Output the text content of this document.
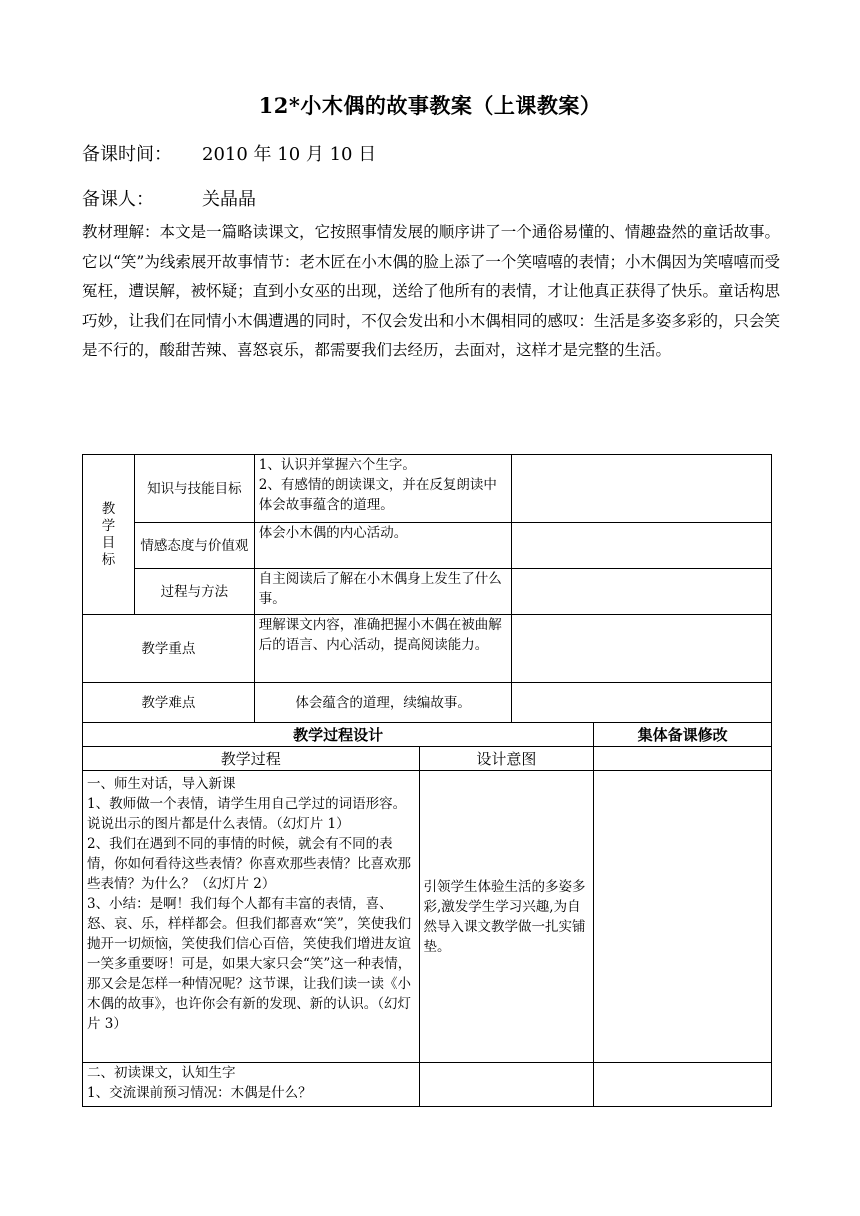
12*小木偶的故事教案（上课教案）
备课时间： 2010 年 10 月 10 日
备课人：	关晶晶
教材理解：本文是一篇略读课文，它按照事情发展的顺序讲了一个通俗易懂的、情趣盎然的童话故事。它以“笑”为线索展开故事情节：老木匠在小木偶的脸上添了一个笑嘻嘻的表情；小木偶因为笑嘻嘻而受冤枉，遭误解，被怀疑；直到小女巫的出现，送给了他所有的表情，才让他真正获得了快乐。童话构思巧妙，让我们在同情小木偶遭遇的同时，不仅会发出和小木偶相同的感叹：生活是多姿多彩的，只会笑是不行的，酸甜苦辣、喜怒哀乐，都需要我们去经历，去面对，这样才是完整的生活。
教
学
目
标	知识与技能目标	1、认识并掌握六个生字。
2、有感情的朗读课文，并在反复朗读中体会故事蕴含的道理。	

	情感态度与价值观	体会小木偶的内心活动。	

	过程与方法	自主阅读后了解在小木偶身上发生了什么事。	

教学重点		理解课文内容，准确把握小木偶在被曲解后的语言、内心活动，提高阅读能力。	
教学难点		体会蕴含的道理，续编故事。	
教学过程设计		集体备课修改
教学过程	设计意图	

一、师生对话，导入新课
1、教师做一个表情，请学生用自己学过的词语形容。说说出示的图片都是什么表情。（幻灯片 1）
2、我们在遇到不同的事情的时候，就会有不同的表情，你如何看待这些表情？你喜欢那些表情？比喜欢那些表情？为什么？（幻灯片 2）
3、小结：是啊！我们每个人都有丰富的表情，喜、怒、哀、乐，样样都会。但我们都喜欢“笑”，笑使我们抛开一切烦恼，笑使我们信心百倍，笑使我们增进友谊一笑多重要呀！可是，如果大家只会“笑”这一种表情，那又会是怎样一种情况呢？这节课，让我们读一读《小木偶的故事》，也许你会有新的发现、新的认识。（幻灯片 3）	引领学生体验生活的多姿多彩,激发学生学习兴趣,为自然导入课文教学做一扎实铺垫。	

二、初读课文，认知生字
1、交流课前预习情况：木偶是什么？		
